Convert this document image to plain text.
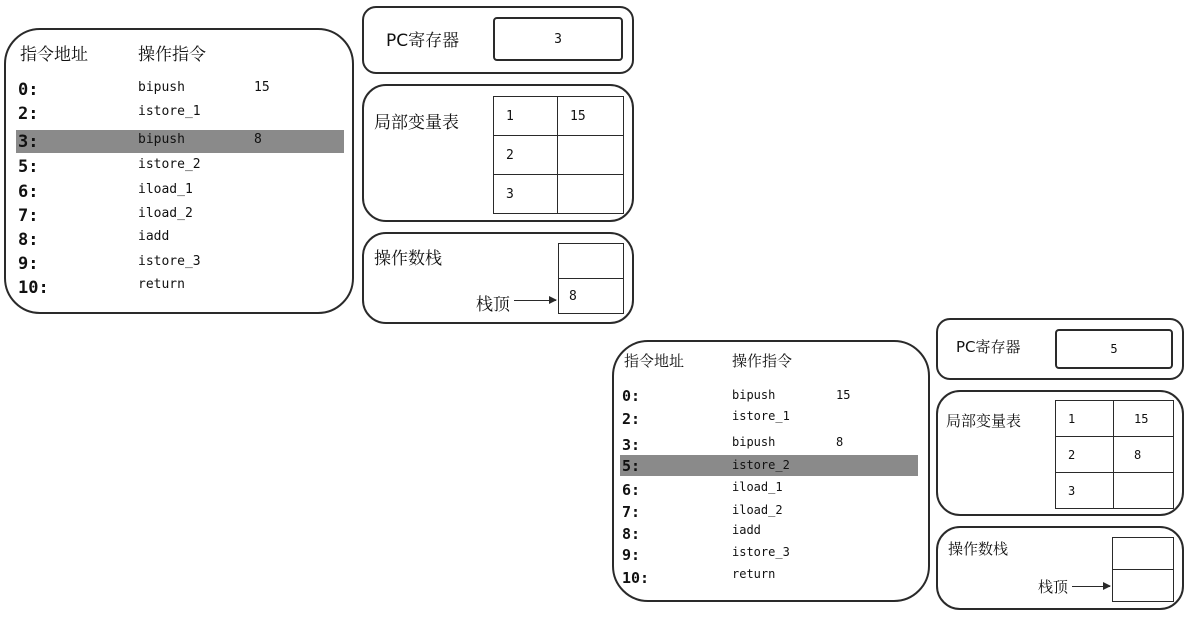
指令地址	操作指令
0:	bipush	15
2:	istore_1
3:	bipush	8
5:	istore_2
6:	iload_1
7:	iload_2
8:	iadd
9:	istore_3
10:	return
PC寄存器	3
局部变量表	1	15
2	
3	
操作数栈
8
栈顶
指令地址	操作指令
0:	bipush	15
2:	istore_1
3:	bipush	8
5:	istore_2
6:	iload_1
7:	iload_2
8:	iadd
9:	istore_3
10:	return
PC寄存器	5
局部变量表	1	15
2	8
3	
操作数栈
栈顶
